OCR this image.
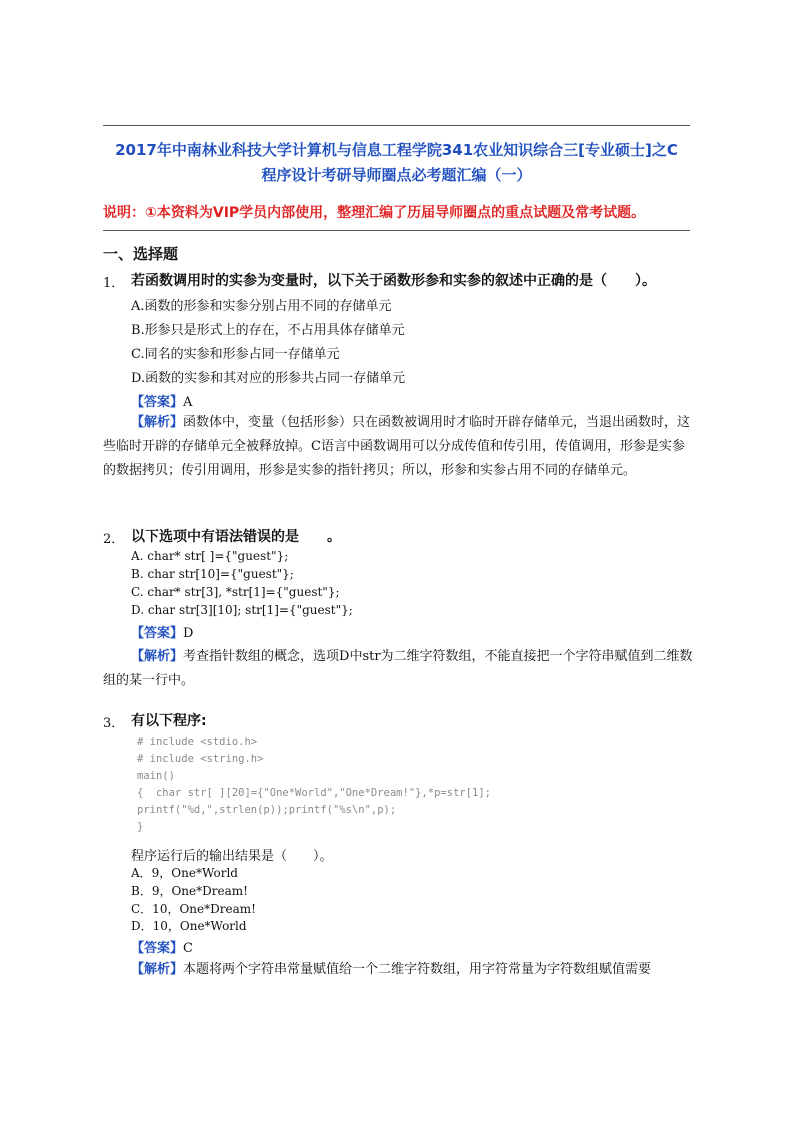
2017年中南林业科技大学计算机与信息工程学院341农业知识综合三[专业硕士]之C
程序设计考研导师圈点必考题汇编（一）
说明：①本资料为VIP学员内部使用，整理汇编了历届导师圈点的重点试题及常考试题。
一、选择题
1． 若函数调用时的实参为变量时，以下关于函数形参和实参的叙述中正确的是（　　）。
A.函数的形参和实参分别占用不同的存储单元
B.形参只是形式上的存在，不占用具体存储单元
C.同名的实参和形参占同一存储单元
D.函数的实参和其对应的形参共占同一存储单元
【答案】A
【解析】函数体中，变量（包括形参）只在函数被调用时才临时开辟存储单元，当退出函数时，这些临时开辟的存储单元全被释放掉。C语言中函数调用可以分成传值和传引用，传值调用，形参是实参的数据拷贝；传引用调用，形参是实参的指针拷贝；所以，形参和实参占用不同的存储单元。
2． 以下选项中有语法错误的是　　。
A. char* str[ ]={"guest"};
B. char str[10]={"guest"};
C. char* str[3], *str[1]={"guest"};
D. char str[3][10]; str[1]={"guest"};
【答案】D
【解析】考查指针数组的概念，选项D中str为二维字符数组，不能直接把一个字符串赋值到二维数组的某一行中。
3． 有以下程序:
# include <stdio.h>
# include <string.h>
main()
{  char str[ ][20]={"One*World","One*Dream!"},*p=str[1];
printf("%d,",strlen(p));printf("%s\n",p);
}
程序运行后的输出结果是（　　）。
A．9，One*World
B．9，One*Dream!
C．10，One*Dream!
D．10，One*World
【答案】C
【解析】本题将两个字符串常量赋值给一个二维字符数组，用字符常量为字符数组赋值需要
